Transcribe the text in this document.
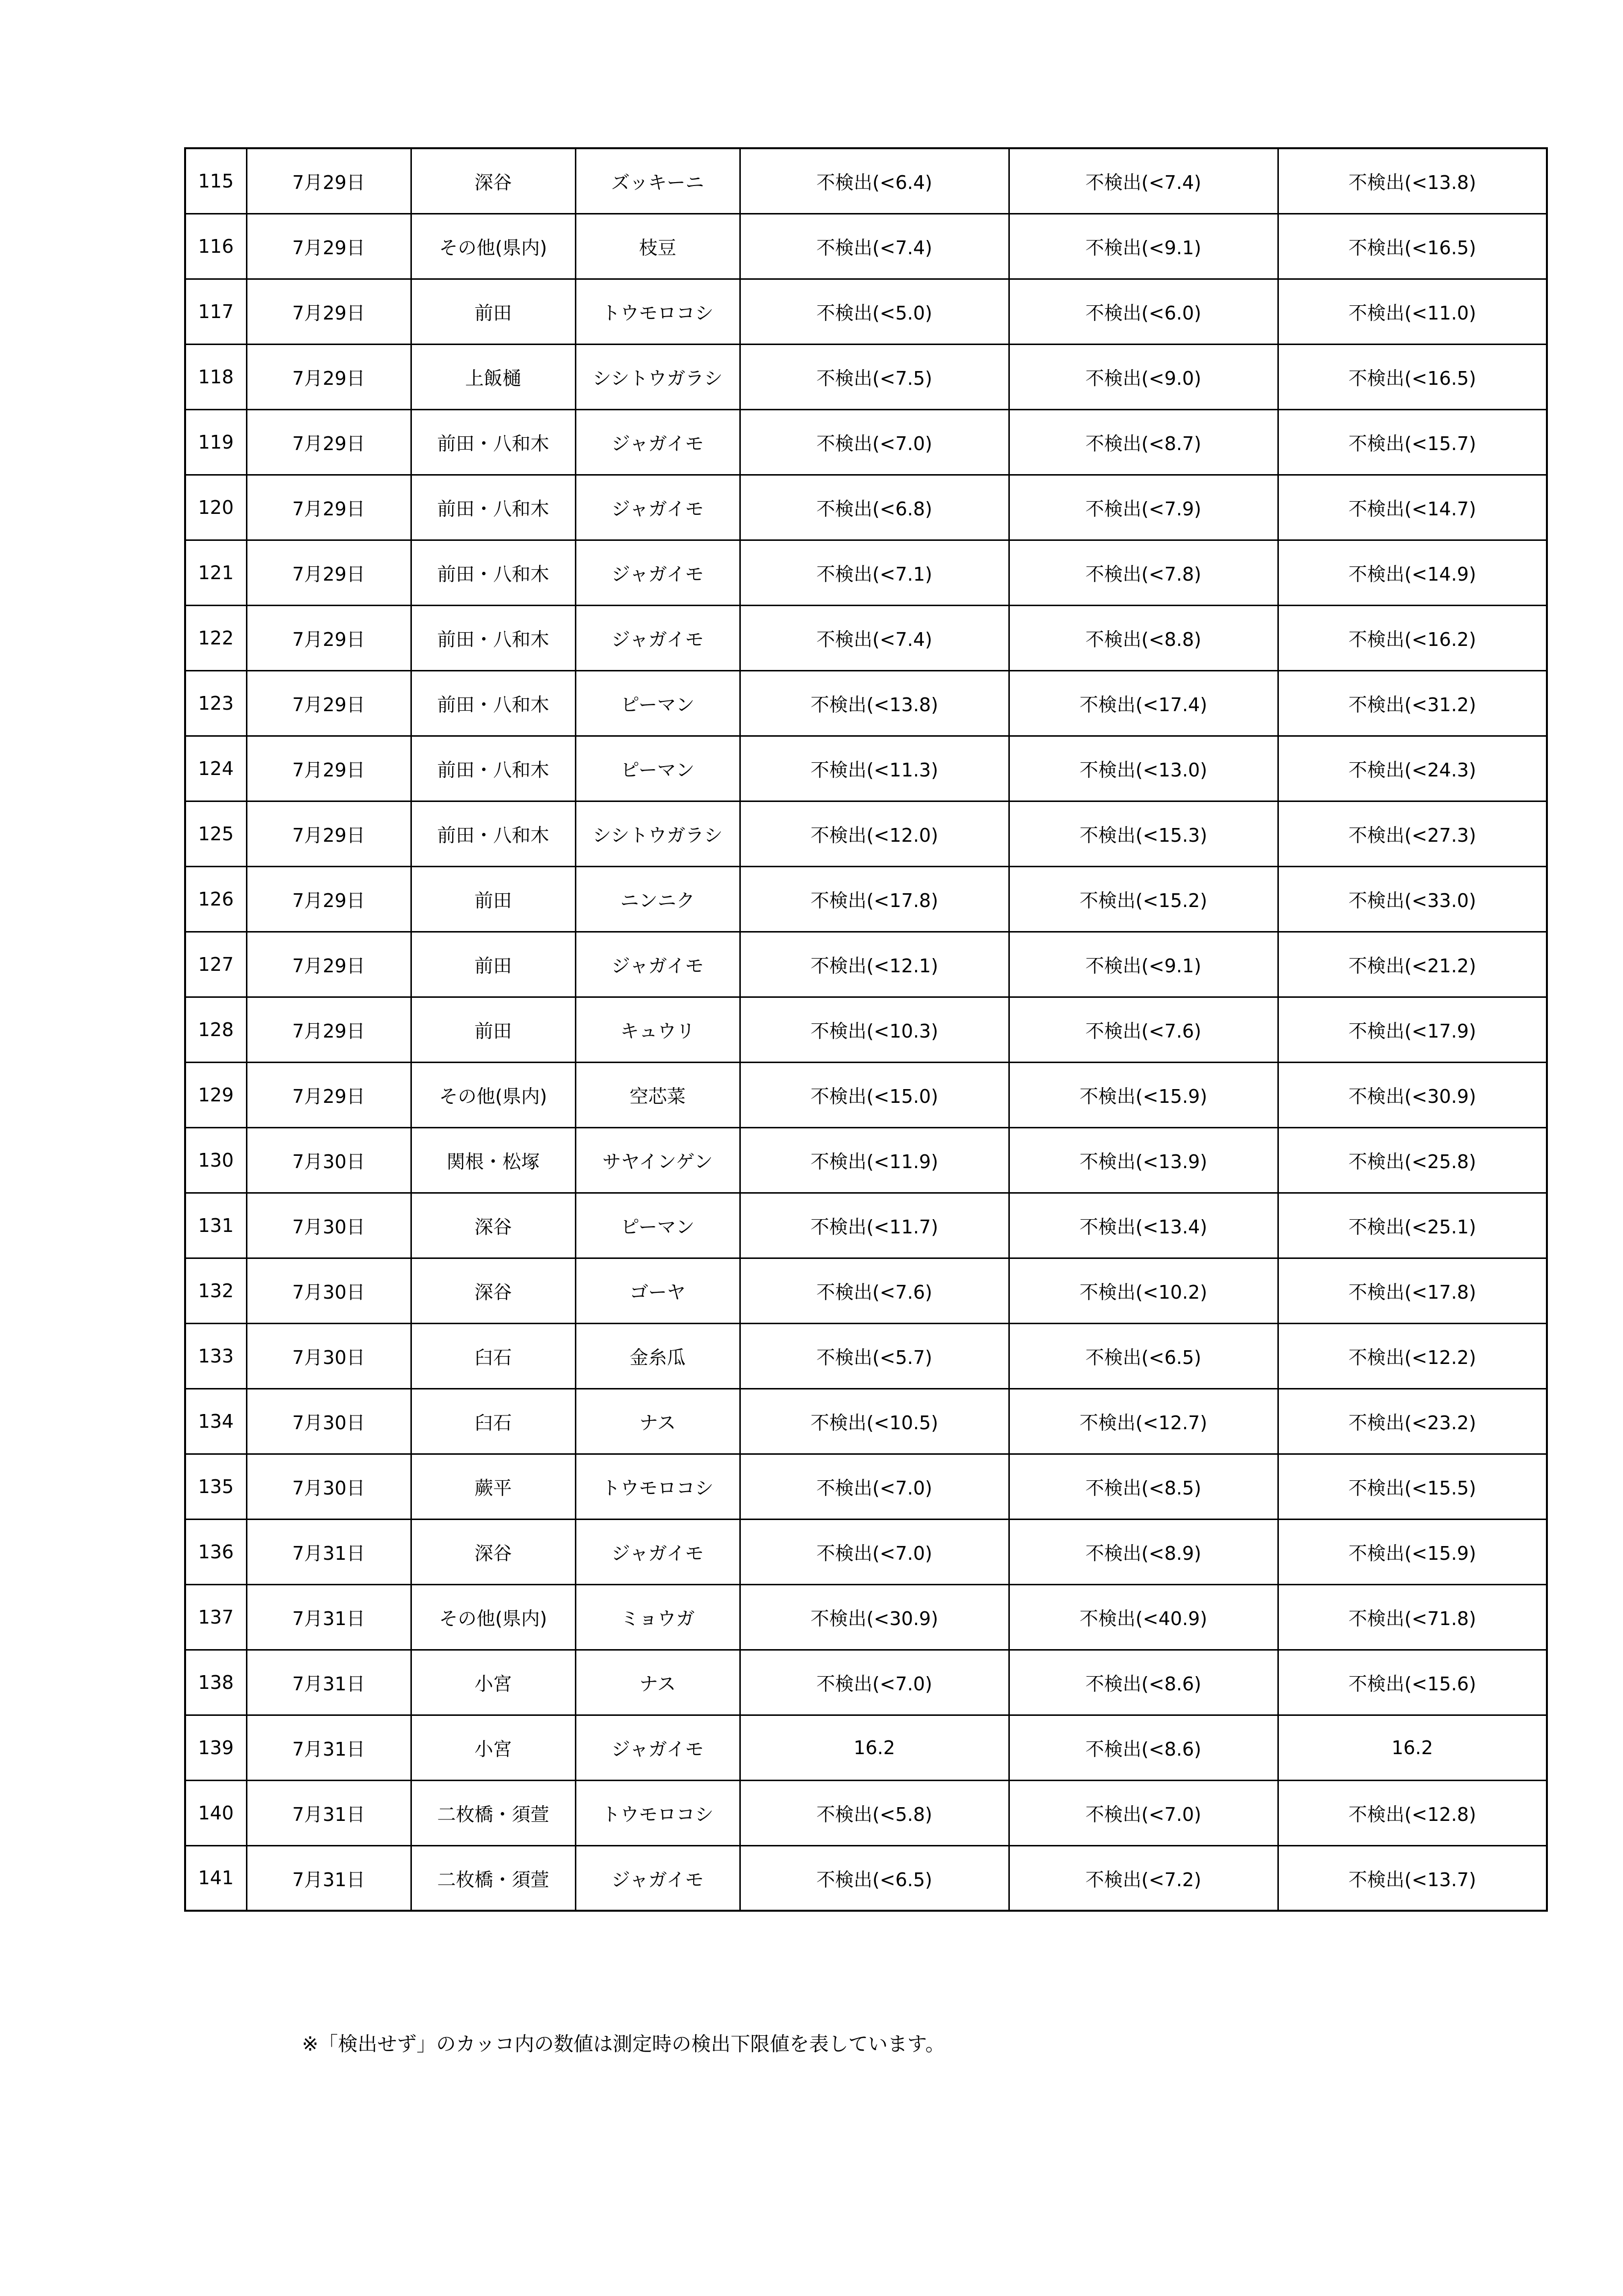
115	7月29日	深谷	ズッキーニ	不検出(<6.4)	不検出(<7.4)	不検出(<13.8)
116	7月29日	その他(県内)	枝豆	不検出(<7.4)	不検出(<9.1)	不検出(<16.5)
117	7月29日	前田	トウモロコシ	不検出(<5.0)	不検出(<6.0)	不検出(<11.0)
118	7月29日	上飯樋	シシトウガラシ	不検出(<7.5)	不検出(<9.0)	不検出(<16.5)
119	7月29日	前田・八和木	ジャガイモ	不検出(<7.0)	不検出(<8.7)	不検出(<15.7)
120	7月29日	前田・八和木	ジャガイモ	不検出(<6.8)	不検出(<7.9)	不検出(<14.7)
121	7月29日	前田・八和木	ジャガイモ	不検出(<7.1)	不検出(<7.8)	不検出(<14.9)
122	7月29日	前田・八和木	ジャガイモ	不検出(<7.4)	不検出(<8.8)	不検出(<16.2)
123	7月29日	前田・八和木	ピーマン	不検出(<13.8)	不検出(<17.4)	不検出(<31.2)
124	7月29日	前田・八和木	ピーマン	不検出(<11.3)	不検出(<13.0)	不検出(<24.3)
125	7月29日	前田・八和木	シシトウガラシ	不検出(<12.0)	不検出(<15.3)	不検出(<27.3)
126	7月29日	前田	ニンニク	不検出(<17.8)	不検出(<15.2)	不検出(<33.0)
127	7月29日	前田	ジャガイモ	不検出(<12.1)	不検出(<9.1)	不検出(<21.2)
128	7月29日	前田	キュウリ	不検出(<10.3)	不検出(<7.6)	不検出(<17.9)
129	7月29日	その他(県内)	空芯菜	不検出(<15.0)	不検出(<15.9)	不検出(<30.9)
130	7月30日	関根・松塚	サヤインゲン	不検出(<11.9)	不検出(<13.9)	不検出(<25.8)
131	7月30日	深谷	ピーマン	不検出(<11.7)	不検出(<13.4)	不検出(<25.1)
132	7月30日	深谷	ゴーヤ	不検出(<7.6)	不検出(<10.2)	不検出(<17.8)
133	7月30日	臼石	金糸瓜	不検出(<5.7)	不検出(<6.5)	不検出(<12.2)
134	7月30日	臼石	ナス	不検出(<10.5)	不検出(<12.7)	不検出(<23.2)
135	7月30日	蕨平	トウモロコシ	不検出(<7.0)	不検出(<8.5)	不検出(<15.5)
136	7月31日	深谷	ジャガイモ	不検出(<7.0)	不検出(<8.9)	不検出(<15.9)
137	7月31日	その他(県内)	ミョウガ	不検出(<30.9)	不検出(<40.9)	不検出(<71.8)
138	7月31日	小宮	ナス	不検出(<7.0)	不検出(<8.6)	不検出(<15.6)
139	7月31日	小宮	ジャガイモ	16.2	不検出(<8.6)	16.2
140	7月31日	二枚橋・須萱	トウモロコシ	不検出(<5.8)	不検出(<7.0)	不検出(<12.8)
141	7月31日	二枚橋・須萱	ジャガイモ	不検出(<6.5)	不検出(<7.2)	不検出(<13.7)
※「検出せず」のカッコ内の数値は測定時の検出下限値を表しています。
